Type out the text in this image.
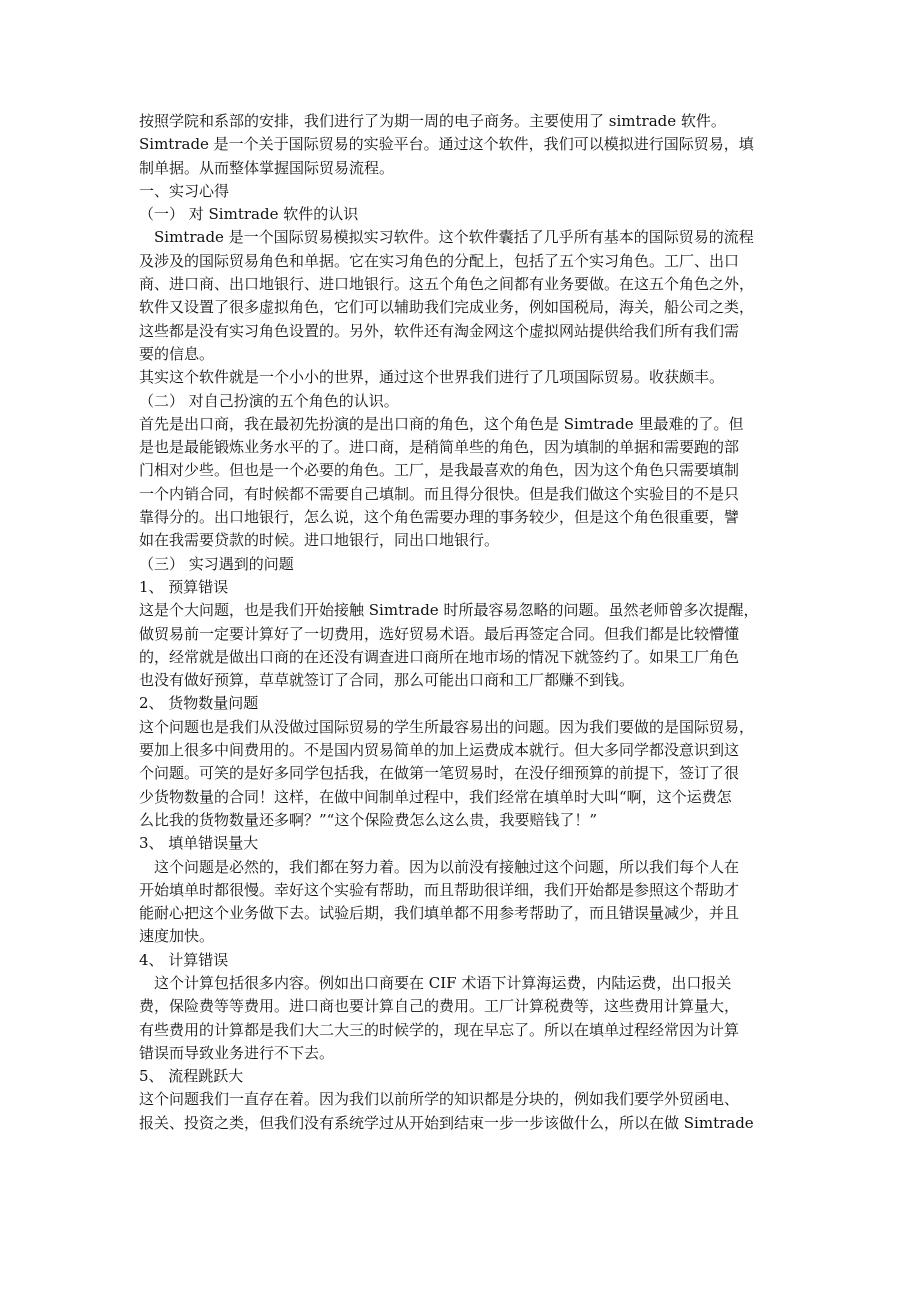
按照学院和系部的安排，我们进行了为期一周的电子商务。主要使用了 simtrade 软件。
Simtrade 是一个关于国际贸易的实验平台。通过这个软件，我们可以模拟进行国际贸易，填
制单据。从而整体掌握国际贸易流程。
一、实习心得
（一） 对 Simtrade 软件的认识
Simtrade 是一个国际贸易模拟实习软件。这个软件囊括了几乎所有基本的国际贸易的流程
及涉及的国际贸易角色和单据。它在实习角色的分配上，包括了五个实习角色。工厂、出口
商、进口商、出口地银行、进口地银行。这五个角色之间都有业务要做。在这五个角色之外，
软件又设置了很多虚拟角色，它们可以辅助我们完成业务，例如国税局，海关，船公司之类，
这些都是没有实习角色设置的。另外，软件还有淘金网这个虚拟网站提供给我们所有我们需
要的信息。
其实这个软件就是一个小小的世界，通过这个世界我们进行了几项国际贸易。收获颇丰。
（二） 对自己扮演的五个角色的认识。
首先是出口商，我在最初先扮演的是出口商的角色，这个角色是 Simtrade 里最难的了。但
是也是最能锻炼业务水平的了。进口商，是稍简单些的角色，因为填制的单据和需要跑的部
门相对少些。但也是一个必要的角色。工厂，是我最喜欢的角色，因为这个角色只需要填制
一个内销合同，有时候都不需要自己填制。而且得分很快。但是我们做这个实验目的不是只
靠得分的。出口地银行，怎么说，这个角色需要办理的事务较少，但是这个角色很重要，譬
如在我需要贷款的时候。进口地银行，同出口地银行。
（三） 实习遇到的问题
1、 预算错误
这是个大问题，也是我们开始接触 Simtrade 时所最容易忽略的问题。虽然老师曾多次提醒，
做贸易前一定要计算好了一切费用，选好贸易术语。最后再签定合同。但我们都是比较懵懂
的，经常就是做出口商的在还没有调查进口商所在地市场的情况下就签约了。如果工厂角色
也没有做好预算，草草就签订了合同，那么可能出口商和工厂都赚不到钱。
2、 货物数量问题
这个问题也是我们从没做过国际贸易的学生所最容易出的问题。因为我们要做的是国际贸易，
要加上很多中间费用的。不是国内贸易简单的加上运费成本就行。但大多同学都没意识到这
个问题。可笑的是好多同学包括我，在做第一笔贸易时，在没仔细预算的前提下，签订了很
少货物数量的合同！这样，在做中间制单过程中，我们经常在填单时大叫“啊，这个运费怎
么比我的货物数量还多啊？”“这个保险费怎么这么贵，我要赔钱了！”
3、 填单错误量大
这个问题是必然的，我们都在努力着。因为以前没有接触过这个问题，所以我们每个人在
开始填单时都很慢。幸好这个实验有帮助，而且帮助很详细，我们开始都是参照这个帮助才
能耐心把这个业务做下去。试验后期，我们填单都不用参考帮助了，而且错误量减少，并且
速度加快。
4、 计算错误
这个计算包括很多内容。例如出口商要在 CIF 术语下计算海运费，内陆运费，出口报关
费，保险费等等费用。进口商也要计算自己的费用。工厂计算税费等，这些费用计算量大，
有些费用的计算都是我们大二大三的时候学的，现在早忘了。所以在填单过程经常因为计算
错误而导致业务进行不下去。
5、 流程跳跃大
这个问题我们一直存在着。因为我们以前所学的知识都是分块的，例如我们要学外贸函电、
报关、投资之类，但我们没有系统学过从开始到结束一步一步该做什么，所以在做 Simtrade
